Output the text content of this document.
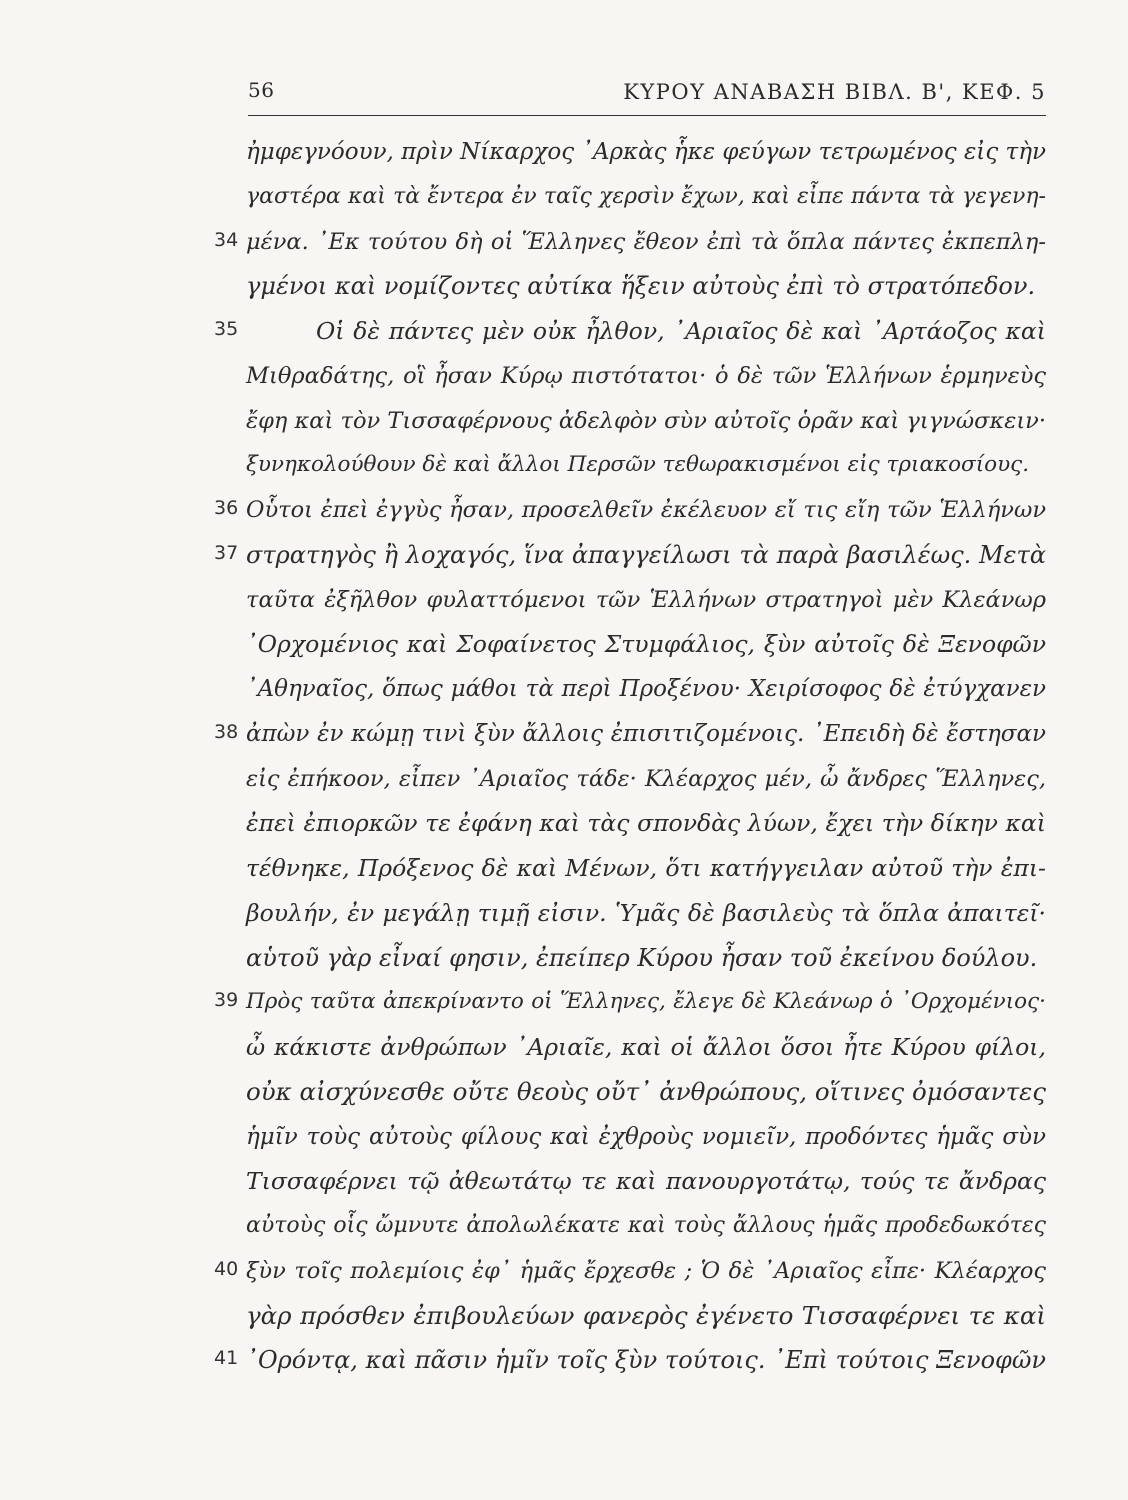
56	ΚΥΡΟΥ ΑΝΑΒΑΣΗ ΒΙΒΛ. Β', ΚΕΦ. 5
ἠμφεγνόουν, πρὶν Νίκαρχος ᾿Αρκὰς ἧκε φεύγων τετρωμένος εἰς τὴν
γαστέρα καὶ τὰ ἔντερα ἐν ταῖς χερσὶν ἔχων, καὶ εἶπε πάντα τὰ γεγενη-
34 μένα. ᾿Εκ τούτου δὴ οἱ Ἕλληνες ἔθεον ἐπὶ τὰ ὅπλα πάντες ἐκπεπλη-
γμένοι καὶ νομίζοντες αὐτίκα ἥξειν αὐτοὺς ἐπὶ τὸ στρατόπεδον.
35	Οἱ δὲ πάντες μὲν οὐκ ἦλθον, ᾿Αριαῖος δὲ καὶ ᾿Αρτάοζος καὶ
Μιθραδάτης, οἳ ἦσαν Κύρῳ πιστότατοι· ὁ δὲ τῶν Ἑλλήνων ἑρμηνεὺς
ἔφη καὶ τὸν Τισσαφέρνους ἀδελφὸν σὺν αὐτοῖς ὁρᾶν καὶ γιγνώσκειν·
ξυνηκολούθουν δὲ καὶ ἄλλοι Περσῶν τεθωρακισμένοι εἰς τριακοσίους.
36 Οὗτοι ἐπεὶ ἐγγὺς ἦσαν, προσελθεῖν ἐκέλευον εἴ τις εἴη τῶν Ἑλλήνων
37 στρατηγὸς ἢ λοχαγός, ἵνα ἀπαγγείλωσι τὰ παρὰ βασιλέως. Μετὰ
ταῦτα ἐξῆλθον φυλαττόμενοι τῶν Ἑλλήνων στρατηγοὶ μὲν Κλεάνωρ
᾿Ορχομένιος καὶ Σοφαίνετος Στυμφάλιος, ξὺν αὐτοῖς δὲ Ξενοφῶν
᾿Αθηναῖος, ὅπως μάθοι τὰ περὶ Προξένου· Χειρίσοφος δὲ ἐτύγχανεν
38 ἀπὼν ἐν κώμῃ τινὶ ξὺν ἄλλοις ἐπισιτιζομένοις. ᾿Επειδὴ δὲ ἔστησαν
εἰς ἐπήκοον, εἶπεν ᾿Αριαῖος τάδε· Κλέαρχος μέν, ὦ ἄνδρες Ἕλληνες,
ἐπεὶ ἐπιορκῶν τε ἐφάνη καὶ τὰς σπονδὰς λύων, ἔχει τὴν δίκην καὶ
τέθνηκε, Πρόξενος δὲ καὶ Μένων, ὅτι κατήγγειλαν αὐτοῦ τὴν ἐπι-
βουλήν, ἐν μεγάλῃ τιμῇ εἰσιν. Ὑμᾶς δὲ βασιλεὺς τὰ ὅπλα ἀπαιτεῖ·
αὑτοῦ γὰρ εἶναί φησιν, ἐπείπερ Κύρου ἦσαν τοῦ ἐκείνου δούλου.
39 Πρὸς ταῦτα ἀπεκρίναντο οἱ Ἕλληνες, ἔλεγε δὲ Κλεάνωρ ὁ ᾿Ορχομένιος·
ὦ κάκιστε ἀνθρώπων ᾿Αριαῖε, καὶ οἱ ἄλλοι ὅσοι ἦτε Κύρου φίλοι,
οὐκ αἰσχύνεσθε οὔτε θεοὺς οὔτ᾿ ἀνθρώπους, οἵτινες ὀμόσαντες
ἡμῖν τοὺς αὐτοὺς φίλους καὶ ἐχθροὺς νομιεῖν, προδόντες ἡμᾶς σὺν
Τισσαφέρνει τῷ ἀθεωτάτῳ τε καὶ πανουργοτάτῳ, τούς τε ἄνδρας
αὐτοὺς οἷς ὤμνυτε ἀπολωλέκατε καὶ τοὺς ἄλλους ἡμᾶς προδεδωκότες
40 ξὺν τοῖς πολεμίοις ἐφ᾿ ἡμᾶς ἔρχεσθε ; Ὁ δὲ ᾿Αριαῖος εἶπε· Κλέαρχος
γὰρ πρόσθεν ἐπιβουλεύων φανερὸς ἐγένετο Τισσαφέρνει τε καὶ
41 ᾿Ορόντᾳ, καὶ πᾶσιν ἡμῖν τοῖς ξὺν τούτοις. ᾿Επὶ τούτοις Ξενοφῶν
